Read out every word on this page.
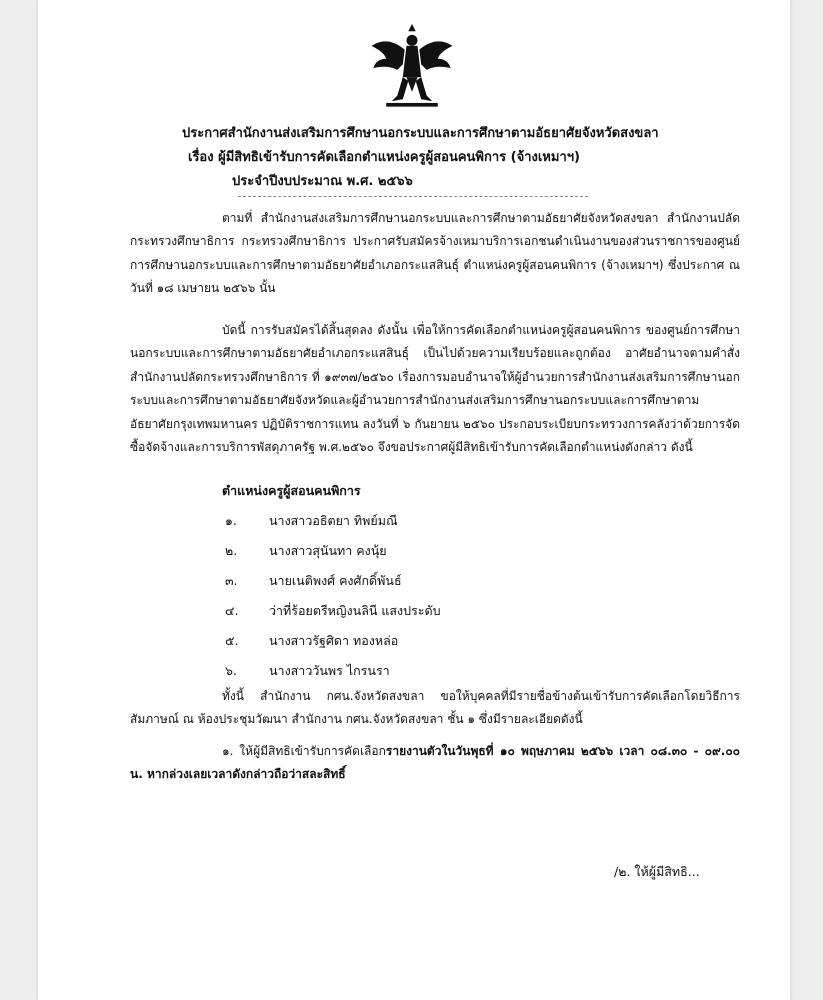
ประกาศสำนักงานส่งเสริมการศึกษานอกระบบและการศึกษาตามอัธยาศัยจังหวัดสงขลา
เรื่อง ผู้มีสิทธิเข้ารับการคัดเลือกตำแหน่งครูผู้สอนคนพิการ (จ้างเหมาฯ)
ประจำปีงบประมาณ พ.ศ. ๒๕๖๖
ตามที่ สำนักงานส่งเสริมการศึกษานอกระบบและการศึกษาตามอัธยาศัยจังหวัดสงขลา สำนักงานปลัดกระทรวงศึกษาธิการ กระทรวงศึกษาธิการ ประกาศรับสมัครจ้างเหมาบริการเอกชนดำเนินงานของส่วนราชการของศูนย์การศึกษานอกระบบและการศึกษาตามอัธยาศัยอำเภอกระแสสินธุ์ ตำแหน่งครูผู้สอนคนพิการ (จ้างเหมาฯ) ซึ่งประกาศ ณ วันที่ ๑๘ เมษายน ๒๕๖๖ นั้น
บัดนี้ การรับสมัครได้สิ้นสุดลง ดังนั้น เพื่อให้การคัดเลือกตำแหน่งครูผู้สอนคนพิการ ของศูนย์การศึกษานอกระบบและการศึกษาตามอัธยาศัยอำเภอกระแสสินธุ์ เป็นไปด้วยความเรียบร้อยและถูกต้อง อาศัยอำนาจตามคำสั่งสำนักงานปลัดกระทรวงศึกษาธิการ ที่ ๑๙๓๗/๒๕๖๐ เรื่องการมอบอำนาจให้ผู้อำนวยการสำนักงานส่งเสริมการศึกษานอกระบบและการศึกษาตามอัธยาศัยจังหวัดและผู้อำนวยการสำนักงานส่งเสริมการศึกษานอกระบบและการศึกษาตามอัธยาศัยกรุงเทพมหานคร ปฏิบัติราชการแทน ลงวันที่ ๖ กันยายน ๒๕๖๐ ประกอบระเบียบกระทรวงการคลังว่าด้วยการจัดซื้อจัดจ้างและการบริการพัสดุภาครัฐ พ.ศ.๒๕๖๐ จึงขอประกาศผู้มีสิทธิเข้ารับการคัดเลือกตำแหน่งดังกล่าว ดังนี้
ตำแหน่งครูผู้สอนคนพิการ
๑.	นางสาวอธิตยา ทิพย์มณี
๒.	นางสาวสุนันทา คงนุ้ย
๓.	นายเนติพงศ์ คงศักดิ์พันธ์
๔. ว่าที่ร้อยตรีหญิงนลินี แสงประดับ
๕. นางสาวรัฐศิดา ทองหล่อ
๖.	นางสาววันพร ไกรนรา
ทั้งนี้ สำนักงาน กศน.จังหวัดสงขลา ขอให้บุคคลที่มีรายชื่อข้างต้นเข้ารับการคัดเลือกโดยวิธีการสัมภาษณ์ ณ ห้องประชุมวัฒนา สำนักงาน กศน.จังหวัดสงขลา ชั้น ๑ ซึ่งมีรายละเอียดดังนี้
๑. ให้ผู้มีสิทธิเข้ารับการคัดเลือกรายงานตัวในวันพุธที่ ๑๐ พฤษภาคม ๒๕๖๖ เวลา ๐๘.๓๐ - ๐๙.๐๐ น. หากล่วงเลยเวลาดังกล่าวถือว่าสละสิทธิ์
/๒. ให้ผู้มีสิทธิ...
